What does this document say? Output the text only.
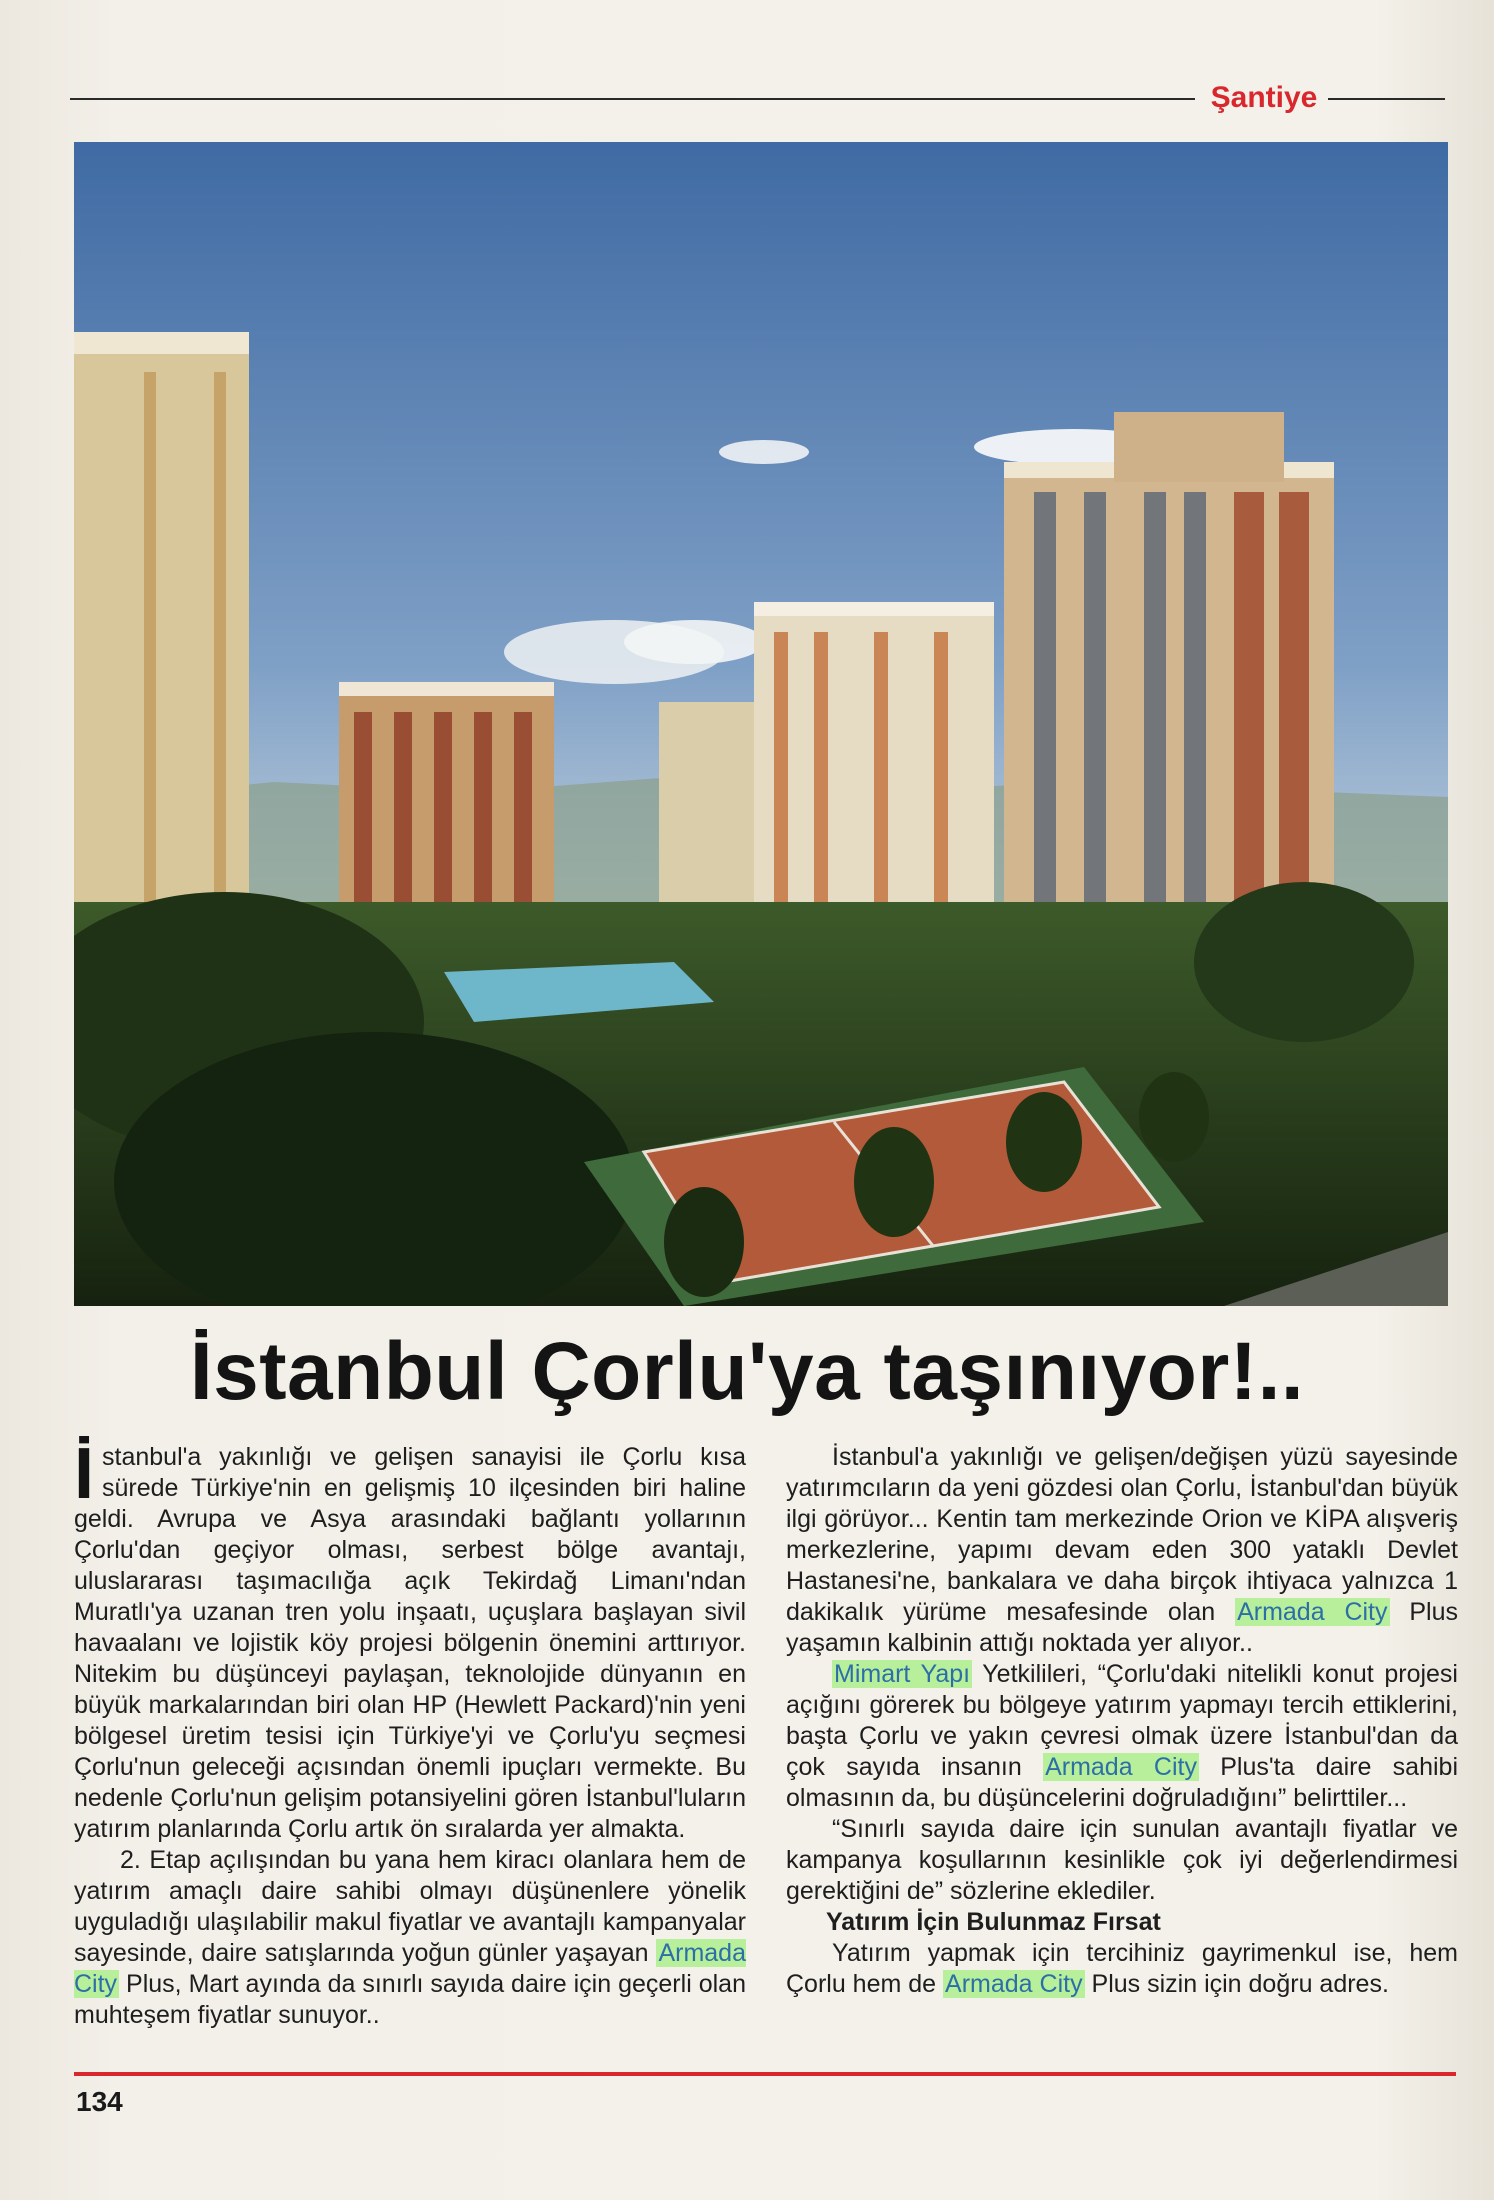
Şantiye
İstanbul Çorlu'ya taşınıyor!..

İstanbul'a yakınlığı ve gelişen sanayisi ile Çorlu kısa sürede Türkiye'nin en gelişmiş 10 ilçesinden biri haline geldi. Avrupa ve Asya arasındaki bağlantı yollarının Çorlu'dan geçiyor olması, serbest bölge avantajı, uluslararası taşımacılığa açık Tekirdağ Limanı'ndan Muratlı'ya uzanan tren yolu inşaatı, uçuşlara başlayan sivil havaalanı ve lojistik köy projesi bölgenin önemini arttırıyor. Nitekim bu düşünceyi paylaşan, teknolojide dünyanın en büyük markalarından biri olan HP (Hewlett Packard)'nin yeni bölgesel üretim tesisi için Türkiye'yi ve Çorlu'yu seçmesi Çorlu'nun geleceği açısından önemli ipuçları vermekte. Bu nedenle Çorlu'nun gelişim potansiyelini gören İstanbul'luların yatırım planlarında Çorlu artık ön sıralarda yer almakta.

2. Etap açılışından bu yana hem kiracı olanlara hem de yatırım amaçlı daire sahibi olmayı düşünenlere yönelik uyguladığı ulaşılabilir makul fiyatlar ve avantajlı kampanyalar sayesinde, daire satışlarında yoğun günler yaşayan Armada City Plus, Mart ayında da sınırlı sayıda daire için geçerli olan muhteşem fiyatlar sunuyor..

İstanbul'a yakınlığı ve gelişen/değişen yüzü sayesinde yatırımcıların da yeni gözdesi olan Çorlu, İstanbul'dan büyük ilgi görüyor... Kentin tam merkezinde Orion ve KİPA alışveriş merkezlerine, yapımı devam eden 300 yataklı Devlet Hastanesi'ne, bankalara ve daha birçok ihtiyaca yalnızca 1 dakikalık yürüme mesafesinde olan Armada City Plus yaşamın kalbinin attığı noktada yer alıyor..

Mimart Yapı Yetkilileri, “Çorlu'daki nitelikli konut projesi açığını görerek bu bölgeye yatırım yapmayı tercih ettiklerini, başta Çorlu ve yakın çevresi olmak üzere İstanbul'dan da çok sayıda insanın Armada City Plus'ta daire sahibi olmasının da, bu düşüncelerini doğruladığını” belirttiler...

“Sınırlı sayıda daire için sunulan avantajlı fiyatlar ve kampanya koşullarının kesinlikle çok iyi değerlendirmesi gerektiğini de” sözlerine eklediler.

Yatırım İçin Bulunmaz Fırsat

Yatırım yapmak için tercihiniz gayrimenkul ise, hem Çorlu hem de Armada City Plus sizin için doğru adres.

134
